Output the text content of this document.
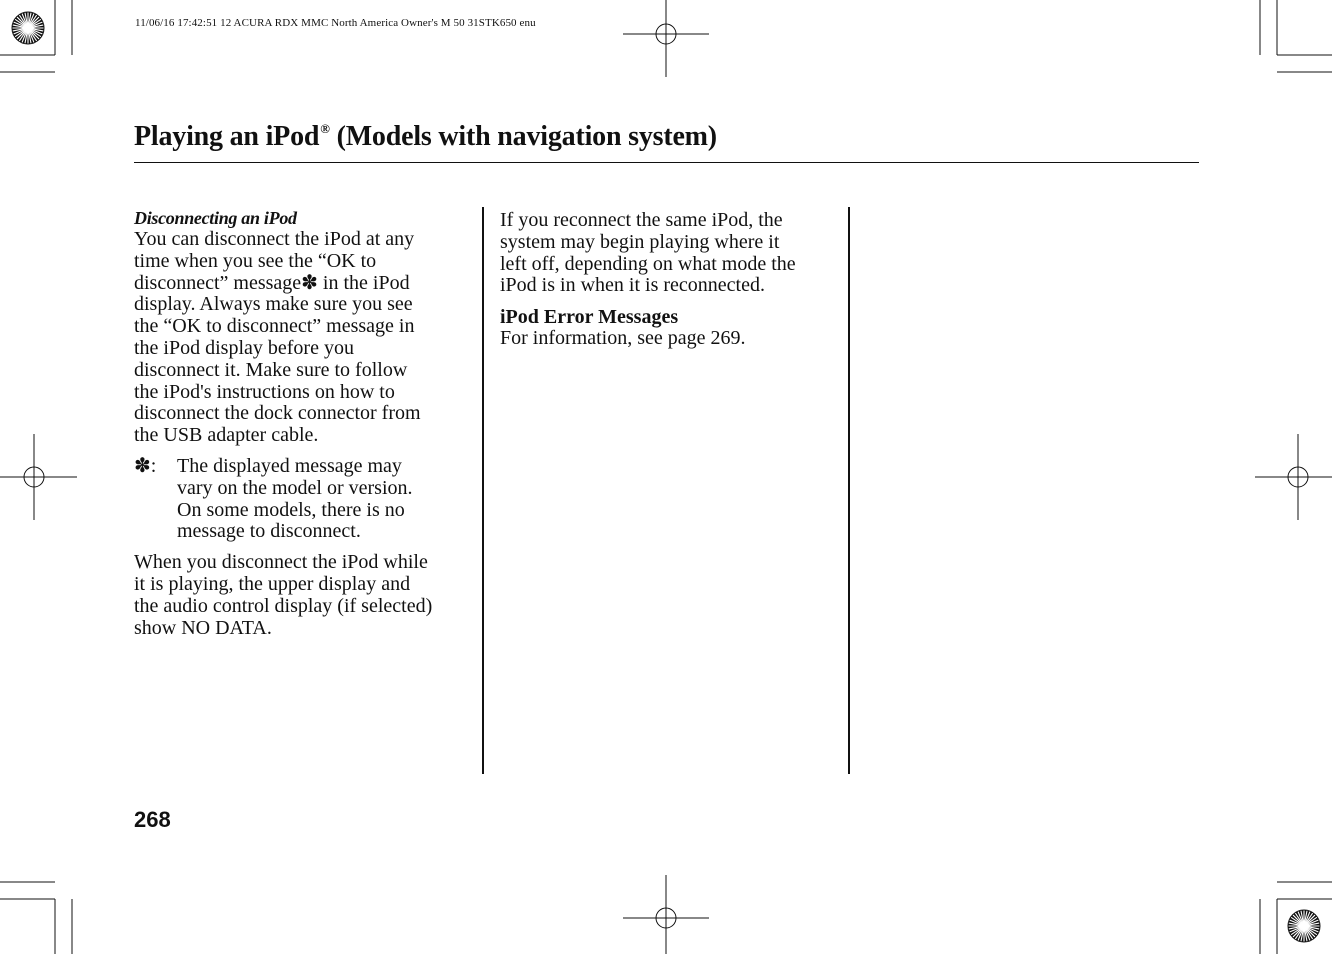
11/06/16 17:42:51 12 ACURA RDX MMC North America Owner's M 50 31STK650 enu
Playing an iPod® (Models with navigation system)

Disconnecting an iPod

You can disconnect the iPod at any
time when you see the “OK to
disconnect” message✽ in the iPod
display. Always make sure you see
the “OK to disconnect” message in
the iPod display before you
disconnect it. Make sure to follow
the iPod's instructions on how to
disconnect the dock connector from
the USB adapter cable.

✽: The displayed message may
vary on the model or version.
On some models, there is no
message to disconnect.

When you disconnect the iPod while
it is playing, the upper display and
the audio control display (if selected)
show NO DATA.

If you reconnect the same iPod, the
system may begin playing where it
left off, depending on what mode the
iPod is in when it is reconnected.

iPod Error Messages

For information, see page 269.

268
